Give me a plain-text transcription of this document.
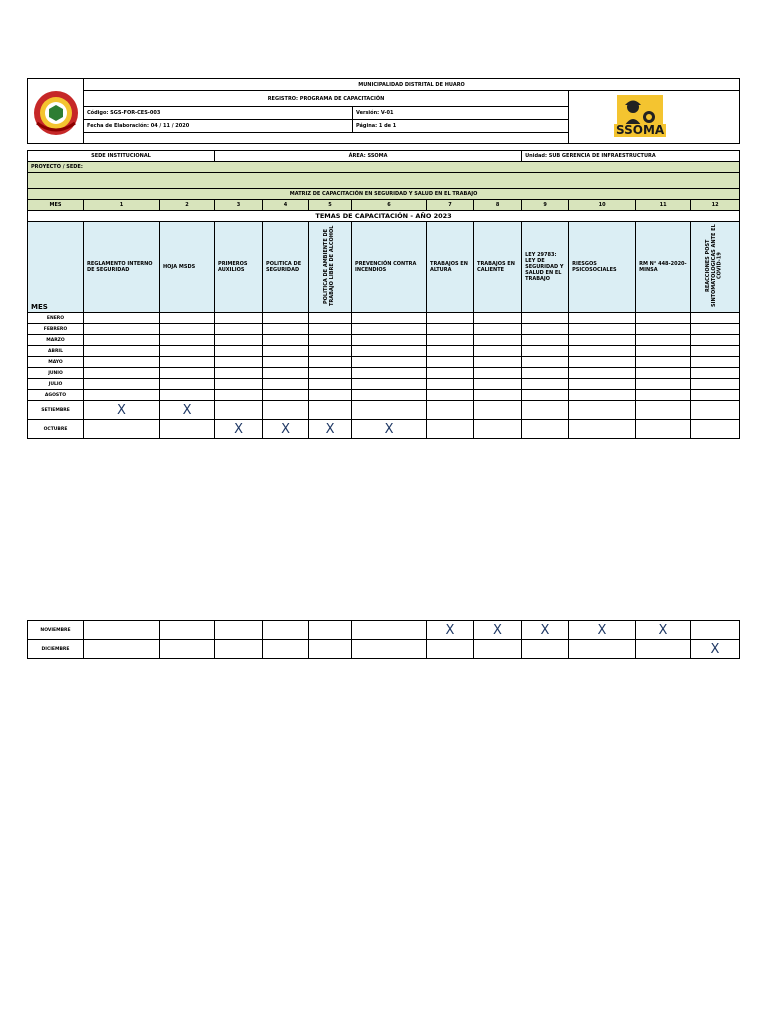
	MUNICIPALIDAD DISTRITAL DE HUARO		
	REGISTRO: PROGRAMA DE CAPACITACIÓN		SSOMA

	Código: SGS-FOR-CES-003	Versión: V-01	
	Fecha de Elaboración: 04 / 11 / 2020	Página: 1 de 1	

SEDE INSTITUCIONAL			ÁREA: SSOMA						Unidad: SUB GERENCIA DE INFRAESTRUCTURA			
PROYECTO / SEDE:												

MATRIZ DE CAPACITACIÓN EN SEGURIDAD Y SALUD EN EL TRABAJO												
MES	1	2	3	4	5	6	7	8	9	10	11	12
TEMAS DE CAPACITACIÓN - AÑO 2023												
MES	REGLAMENTO INTERNO DE SEGURIDAD	HOJA MSDS	PRIMEROS AUXILIOS	POLITICA DE SEGURIDAD	POLITICA DE AMBIENTE DE TRABAJO LIBRE DE ALCOHOL	PREVENCIÓN CONTRA INCENDIOS	TRABAJOS EN ALTURA	TRABAJOS EN CALIENTE	LEY 29783: LEY DE SEGURIDAD Y SALUD EN EL TRABAJO	RIESGOS PSICOSOCIALES	RM N° 448-2020-MINSA	REACCIONES POST SINTOMATOLOGICAS ANTE EL COVID-19
ENERO												
FEBRERO												
MARZO												
ABRIL												
MAYO												
JUNIO												
JULIO												
AGOSTO												
SETIEMBRE	X	X										
OCTUBRE			X	X	X	X						
NOVIEMBRE							X	X	X	X	X	
DICIEMBRE												X
